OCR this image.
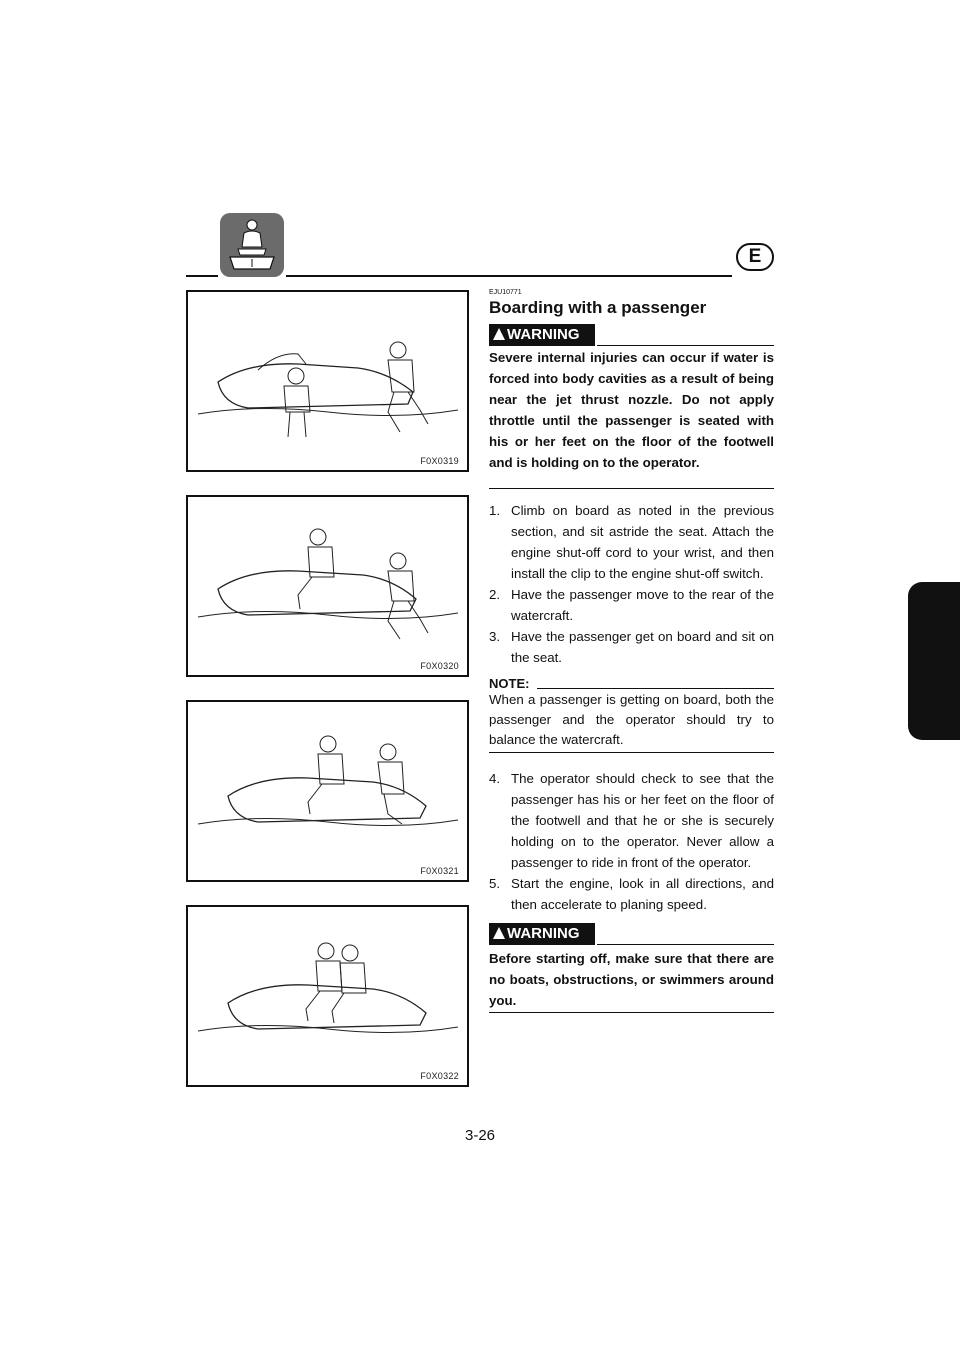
E
F0X0319
F0X0320
F0X0321
F0X0322
EJU10771
Boarding with a passenger
WARNING
Severe internal injuries can occur if water is forced into body cavities as a result of being near the jet thrust nozzle. Do not apply throttle until the passenger is seated with his or her feet on the floor of the footwell and is holding on to the operator.
1. Climb on board as noted in the previous section, and sit astride the seat. Attach the engine shut-off cord to your wrist, and then install the clip to the engine shut-off switch.
2. Have the passenger move to the rear of the watercraft.
3. Have the passenger get on board and sit on the seat.
NOTE:
When a passenger is getting on board, both the passenger and the operator should try to balance the watercraft.
4. The operator should check to see that the passenger has his or her feet on the floor of the footwell and that he or she is securely holding on to the operator. Never allow a passenger to ride in front of the operator.
5. Start the engine, look in all directions, and then accelerate to planing speed.
WARNING
Before starting off, make sure that there are no boats, obstructions, or swimmers around you.
3-26
